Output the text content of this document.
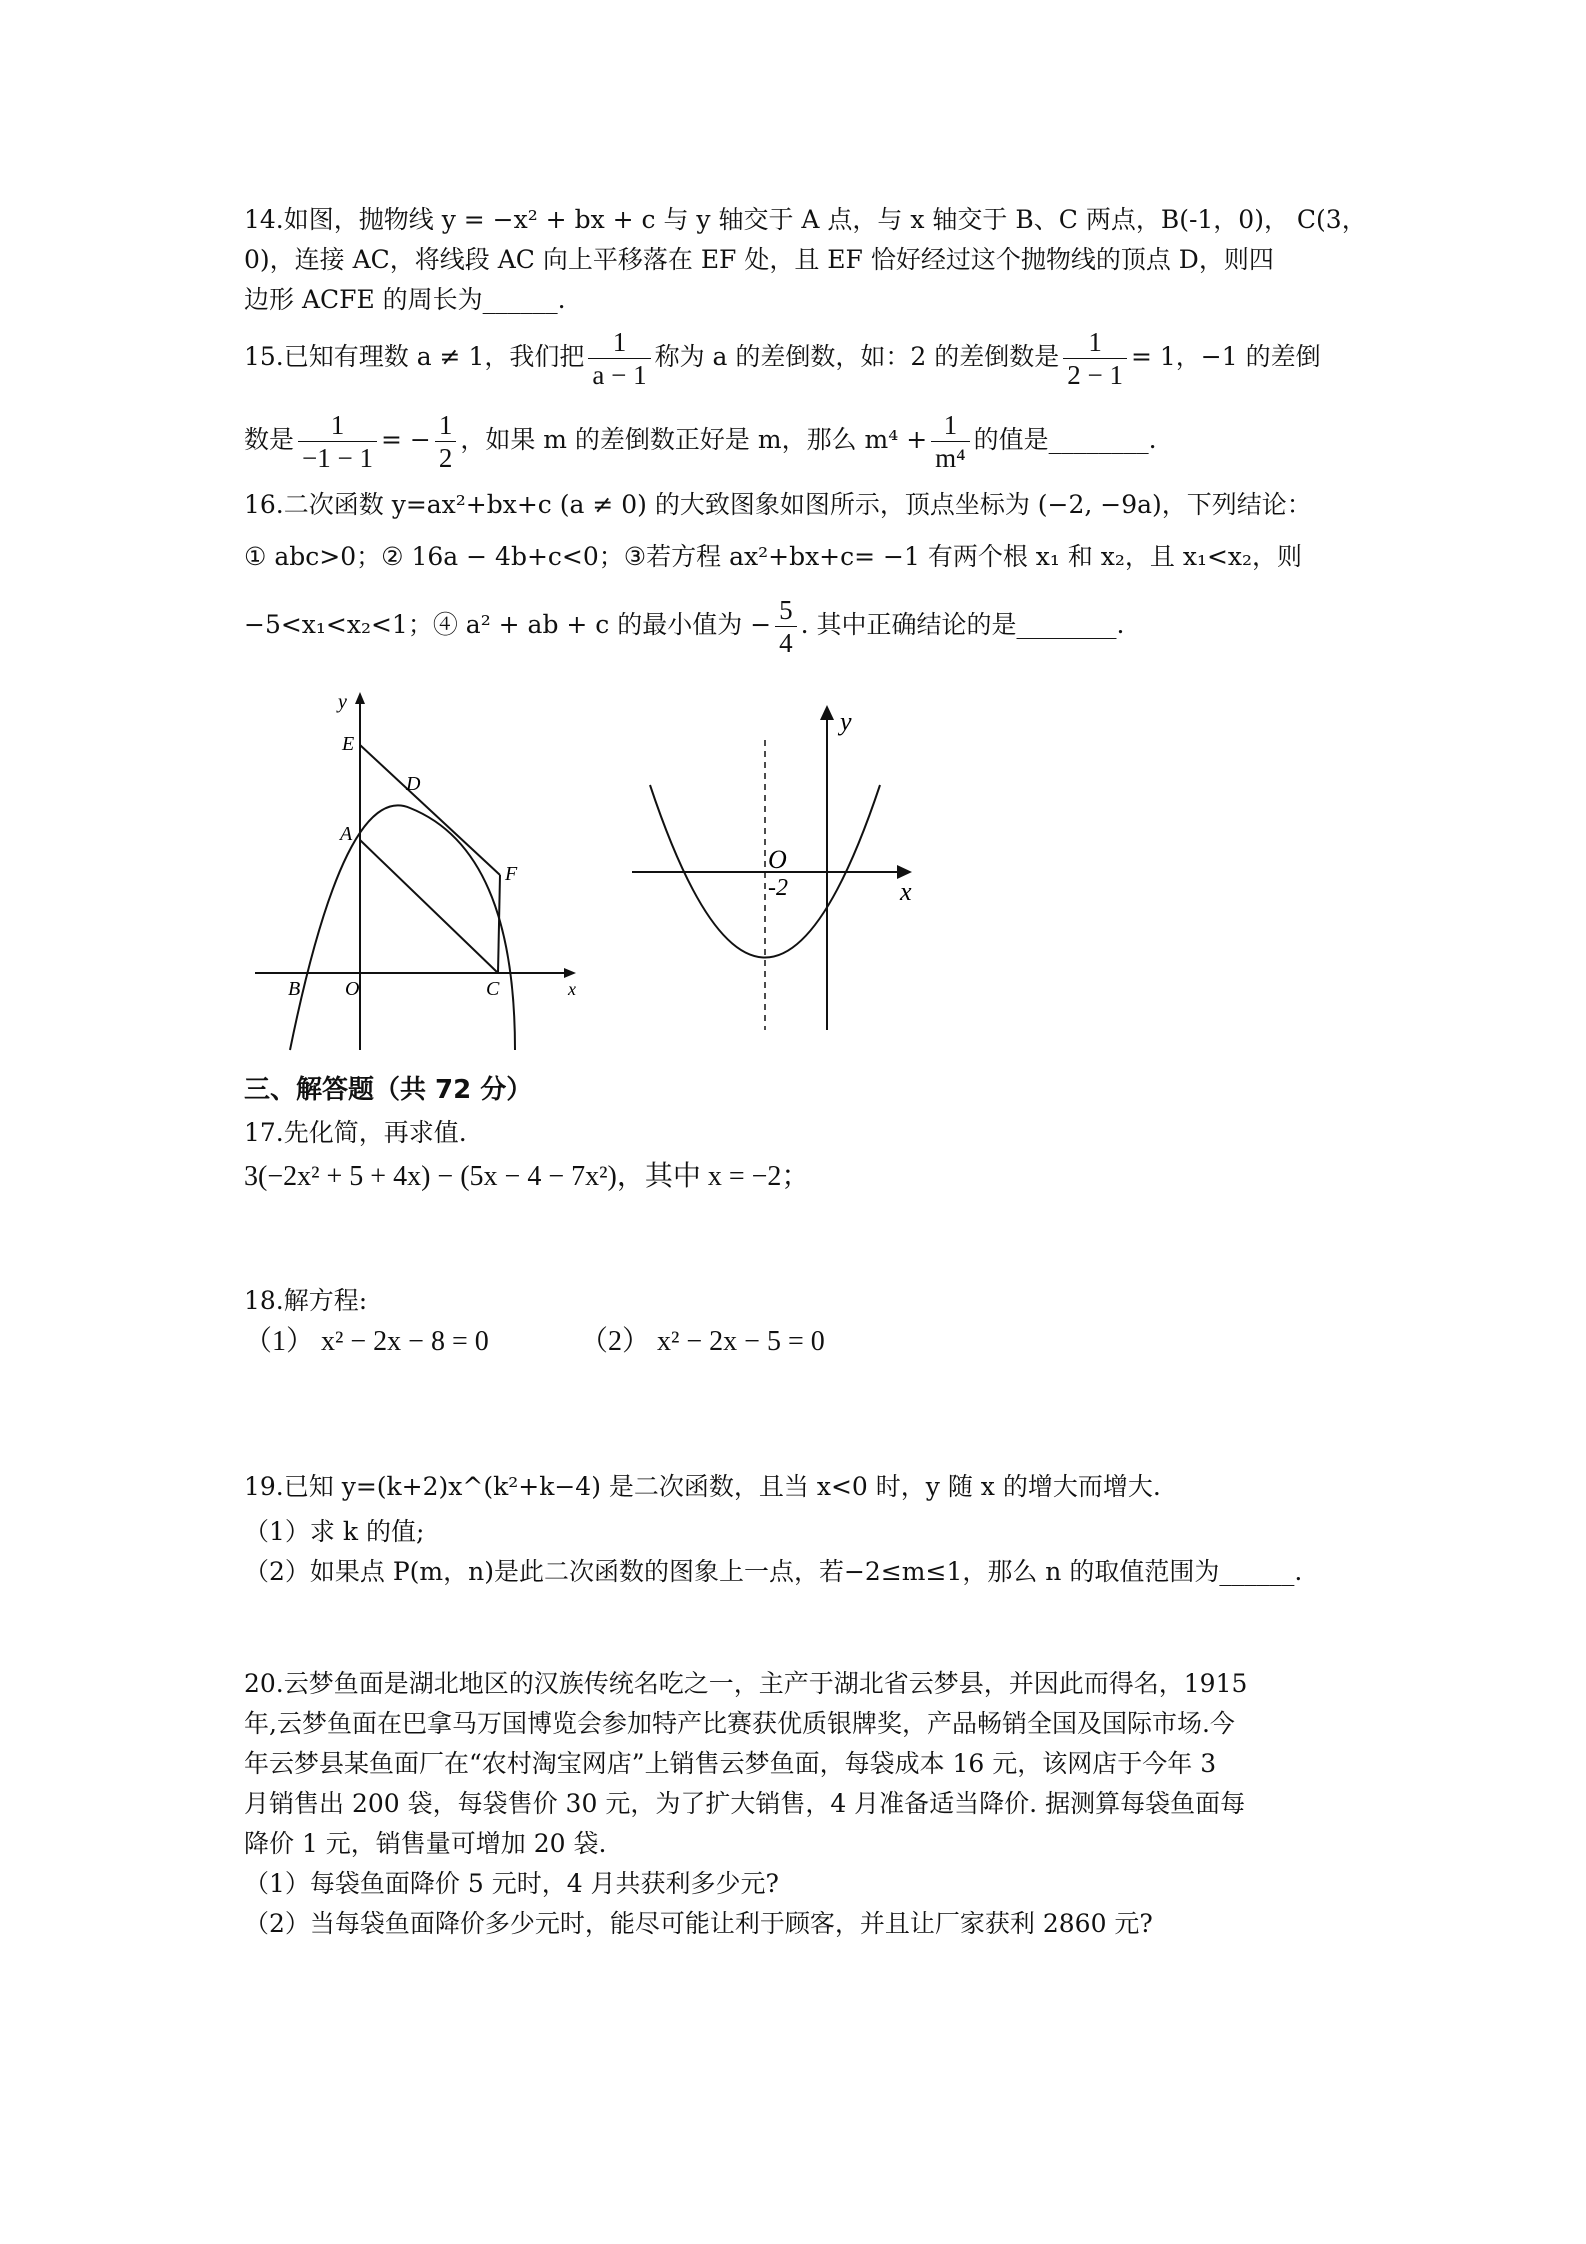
14.如图，抛物线 y = −x² + bx + c 与 y 轴交于 A 点，与 x 轴交于 B、C 两点，B(-1，0)， C(3，
0)，连接 AC，将线段 AC 向上平移落在 EF 处，且 EF 恰好经过这个抛物线的顶点 D，则四
边形 ACFE 的周长为______.
15.已知有理数 a ≠ 1，我们把 $\frac{1}{a - 1}$ 称为 a 的差倒数，如：2 的差倒数是 $\frac{1}{2 - 1} = 1$，−1 的差倒
数是 $\frac{1}{-1 - 1}$ = − $\frac{1}{2}$ ，如果 m 的差倒数正好是 m，那么 $m^4 + \frac{1}{\text{m⁴}}$ 的值是________.
16.二次函数 y=ax²+bx+c (a ≠ 0) 的大致图象如图所示，顶点坐标为 (−2, −9a)，下列结论：
① abc>0；② 16a − 4b+c<0；③若方程 ax²+bx+c= −1 有两个根 x₁ 和 x₂，且 x₁<x₂，则
−5<x₁<x₂<1；④ a² + ab + c 的最小值为 − $\frac{5}{4}$ . 其中正确结论的是________.
y
E
D
A
F
B O	C	x
y
O
-2	x
三、解答题（共 72 分）
17.先化简，再求值.
3(−2x² + 5 + 4x) − (5x − 4 − 7x²)，其中 x = −2；
18.解方程:
（1） x² − 2x − 8 = 0	（2） x² − 2x − 5 = 0
19.已知 y=(k+2)x^(k²+k−4) 是二次函数，且当 x<0 时，y 随 x 的增大而增大.
（1）求 k 的值;
（2）如果点 P(m，n)是此二次函数的图象上一点，若−2≤m≤1，那么 n 的取值范围为______.
20.云梦鱼面是湖北地区的汉族传统名吃之一，主产于湖北省云梦县，并因此而得名，1915
年,云梦鱼面在巴拿马万国博览会参加特产比赛获优质银牌奖，产品畅销全国及国际市场.今
年云梦县某鱼面厂在“农村淘宝网店”上销售云梦鱼面，每袋成本 16 元，该网店于今年 3
月销售出 200 袋，每袋售价 30 元，为了扩大销售，4 月准备适当降价. 据测算每袋鱼面每
降价 1 元，销售量可增加 20 袋.
（1）每袋鱼面降价 5 元时，4 月共获利多少元?
（2）当每袋鱼面降价多少元时，能尽可能让利于顾客，并且让厂家获利 2860 元?
